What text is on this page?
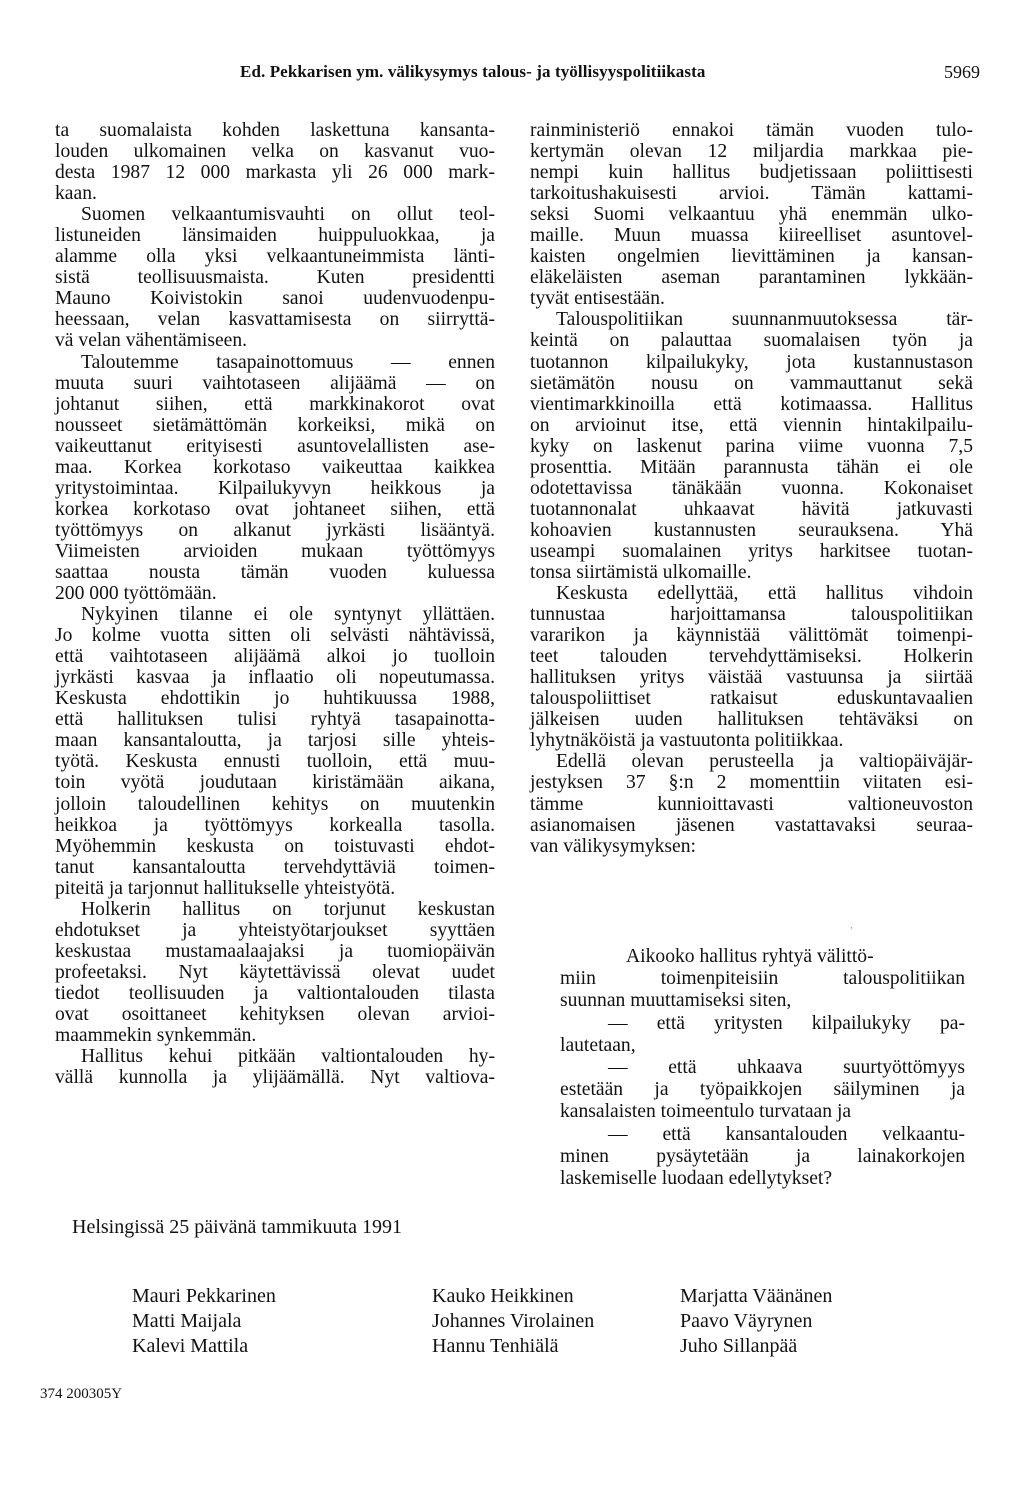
Ed. Pekkarisen ym. välikysymys talous- ja työllisyyspolitiikasta	5969
ta suomalaista kohden laskettuna kansanta-
louden ulkomainen velka on kasvanut vuo-
desta 1987 12 000 markasta yli 26 000 mark-
kaan.
Suomen velkaantumisvauhti on ollut teol-
listuneiden länsimaiden huippuluokkaa, ja
alamme olla yksi velkaantuneimmista länti-
sistä teollisuusmaista. Kuten presidentti
Mauno Koivistokin sanoi uudenvuodenpu-
heessaan, velan kasvattamisesta on siirryttä-
vä velan vähentämiseen.
Taloutemme tasapainottomuus — ennen
muuta suuri vaihtotaseen alijäämä — on
johtanut siihen, että markkinakorot ovat
nousseet sietämättömän korkeiksi, mikä on
vaikeuttanut erityisesti asuntovelallisten ase-
maa. Korkea korkotaso vaikeuttaa kaikkea
yritystoimintaa. Kilpailukyvyn heikkous ja
korkea korkotaso ovat johtaneet siihen, että
työttömyys on alkanut jyrkästi lisääntyä.
Viimeisten arvioiden mukaan työttömyys
saattaa nousta tämän vuoden kuluessa
200 000 työttömään.
Nykyinen tilanne ei ole syntynyt yllättäen.
Jo kolme vuotta sitten oli selvästi nähtävissä,
että vaihtotaseen alijäämä alkoi jo tuolloin
jyrkästi kasvaa ja inflaatio oli nopeutumassa.
Keskusta ehdottikin jo huhtikuussa 1988,
että hallituksen tulisi ryhtyä tasapainotta-
maan kansantaloutta, ja tarjosi sille yhteis-
työtä. Keskusta ennusti tuolloin, että muu-
toin vyötä joudutaan kiristämään aikana,
jolloin taloudellinen kehitys on muutenkin
heikkoa ja työttömyys korkealla tasolla.
Myöhemmin keskusta on toistuvasti ehdot-
tanut kansantaloutta tervehdyttäviä toimen-
piteitä ja tarjonnut hallitukselle yhteistyötä.
Holkerin hallitus on torjunut keskustan
ehdotukset ja yhteistyötarjoukset syyttäen
keskustaa mustamaalaajaksi ja tuomiopäivän
profeetaksi. Nyt käytettävissä olevat uudet
tiedot teollisuuden ja valtiontalouden tilasta
ovat osoittaneet kehityksen olevan arvioi-
maammekin synkemmän.
Hallitus kehui pitkään valtiontalouden hy-
vällä kunnolla ja ylijäämällä. Nyt valtiova-
rainministeriö ennakoi tämän vuoden tulo-
kertymän olevan 12 miljardia markkaa pie-
nempi kuin hallitus budjetissaan poliittisesti
tarkoitushakuisesti arvioi. Tämän kattami-
seksi Suomi velkaantuu yhä enemmän ulko-
maille. Muun muassa kiireelliset asuntovel-
kaisten ongelmien lievittäminen ja kansan-
eläkeläisten aseman parantaminen lykkään-
tyvät entisestään.
Talouspolitiikan suunnanmuutoksessa tär-
keintä on palauttaa suomalaisen työn ja
tuotannon kilpailukyky, jota kustannustason
sietämätön nousu on vammauttanut sekä
vientimarkkinoilla että kotimaassa. Hallitus
on arvioinut itse, että viennin hintakilpailu-
kyky on laskenut parina viime vuonna 7,5
prosenttia. Mitään parannusta tähän ei ole
odotettavissa tänäkään vuonna. Kokonaiset
tuotannonalat uhkaavat hävitä jatkuvasti
kohoavien kustannusten seurauksena. Yhä
useampi suomalainen yritys harkitsee tuotan-
tonsa siirtämistä ulkomaille.
Keskusta edellyttää, että hallitus vihdoin
tunnustaa harjoittamansa talouspolitiikan
vararikon ja käynnistää välittömät toimenpi-
teet talouden tervehdyttämiseksi. Holkerin
hallituksen yritys väistää vastuunsa ja siirtää
talouspoliittiset ratkaisut eduskuntavaalien
jälkeisen uuden hallituksen tehtäväksi on
lyhytnäköistä ja vastuutonta politiikkaa.
Edellä olevan perusteella ja valtiopäiväjär-
jestyksen 37 §:n 2 momenttiin viitaten esi-
tämme kunnioittavasti valtioneuvoston
asianomaisen jäsenen vastattavaksi seuraa-
van välikysymyksen:
’
Aikooko hallitus ryhtyä välittö-
miin toimenpiteisiin talouspolitiikan
suunnan muuttamiseksi siten,
— että yritysten kilpailukyky pa-
lautetaan,
— että uhkaava suurtyöttömyys
estetään ja työpaikkojen säilyminen ja
kansalaisten toimeentulo turvataan ja
— että kansantalouden velkaantu-
minen pysäytetään ja lainakorkojen
laskemiselle luodaan edellytykset?
Helsingissä 25 päivänä tammikuuta 1991
Mauri Pekkarinen
Matti Maijala
Kalevi Mattila
Kauko Heikkinen
Johannes Virolainen
Hannu Tenhiälä
Marjatta Väänänen
Paavo Väyrynen
Juho Sillanpää
374 200305Y
